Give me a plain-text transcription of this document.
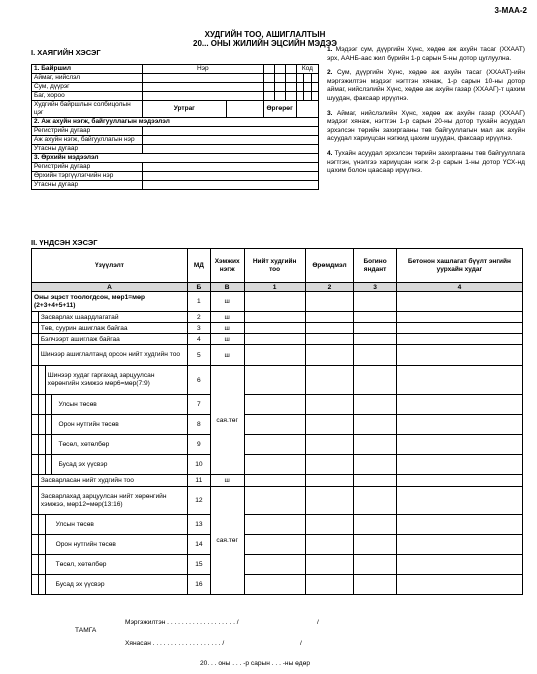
3-МАА-2
ХУДГИЙН ТОО, АШИГЛАЛТЫН
20... ОНЫ ЖИЛИЙН ЭЦСИЙН МЭДЭЭ
I. ХАЯГИЙН ХЭСЭГ
1. Байршил	Нэр					Код		
Аймаг, нийслэл								
Сум, дүүрэг								
Баг, хороо								
Худгийн байршлын солбицолын цэг	Уртраг		Өргөрөг					
2. Аж ахуйн нэгж, байгууллагын мэдээлэл								
Регистрийн дугаар								
Аж ахуйн нэгж, байгууллагын нэр								
Утасны дугаар								
3. Өрхийн мэдээлэл								
Регистрийн дугаар								
Өрхийн тэргүүлэгчийн нэр								
Утасны дугаар								

1. Мэдээг сум, дүүргийн Хүнс, хөдөө аж ахуйн тасаг (ХХААТ) эрх, ААНБ-аас жил бүрийн 1-р сарын 5-ны дотор цуглуулна.

2. Сум, дүүргийн Хүнс, хөдөө аж ахуйн тасаг (ХХААТ)-ийн мэргэжилтэн мэдээг нэгтгэн хянаж, 1-р сарын 10-ны дотор аймаг, нийслэлийн Хүнс, хөдөө аж ахуйн газар (ХХААГ)-т цахим шуудан, факсаар ирүүлнэ.

3. Аймаг, нийслэлийн Хүнс, хөдөө аж ахуйн газар (ХХААГ) мэдээг хянаж, нэгтгэн 1-р сарын 20-ны дотор тухайн асуудал эрхэлсэн төрийн захиргааны төв байгууллагын мал аж ахуйн асуудал хариуцсан нэгжид цахим шуудан, факсаар ирүүлнэ.

4. Тухайн асуудал эрхэлсэн төрийн захиргааны төв байгууллага нэгтгэн, үнэлгээ хариуцсан нэгж 2-р сарын 1-ны дотор ҮСХ-нд цахим болон цаасаар ирүүлнэ.

II. ҮНДСЭН ХЭСЭГ
Үзүүлэлт				МД	Хэмжих нэгж	Нийт худгийн тоо	Өрөмдмэл	Богино яндант	Бетонон хашлагат бүүлт энгийн уурхайн худаг
А				Б	В	1	2	3	4
Оны эцэст тоологдсон, мөр1=мөр (2+3+4+5+11)				1	ш				
	Засварлах шаардлагатай			2	ш				
	Төв, суурин ашиглаж байгаа			3	ш				
	Бэлчээрт ашиглаж байгаа			4	ш				
	Шинээр ашиглалтанд орсон нийт худгийн тоо			5	ш				
		Шинээр худаг гаргахад зарцуулсан хөрөнгийн хэмжээ мөр6=мөр(7:9)		6	сая.төг				
			Улсын төсөв	7					
			Орон нутгийн төсөв	8					
			Төсөл, хөтөлбөр	9					
			Бусад эх үүсвэр	10					
	Засварласан нийт худгийн тоо			11	ш				
	Засварлахад зарцуулсан нийт хөрөнгийн хэмжээ, мөр12=мөр(13:16)			12	сая.төг				
		Улсын төсөв		13					
		Орон нутгийн төсөв		14					
		Төсөл, хөтөлбөр		15					
		Бусад эх үүсвэр		16					
Мэргэжилтэн . . . . . . . . . . . . . . . . . . . /	/
ТАМГА
Хянасан . . . . . . . . . . . . . . . . . . . /	/
20. . . оны . . . -р сарын . . . -ны өдөр
